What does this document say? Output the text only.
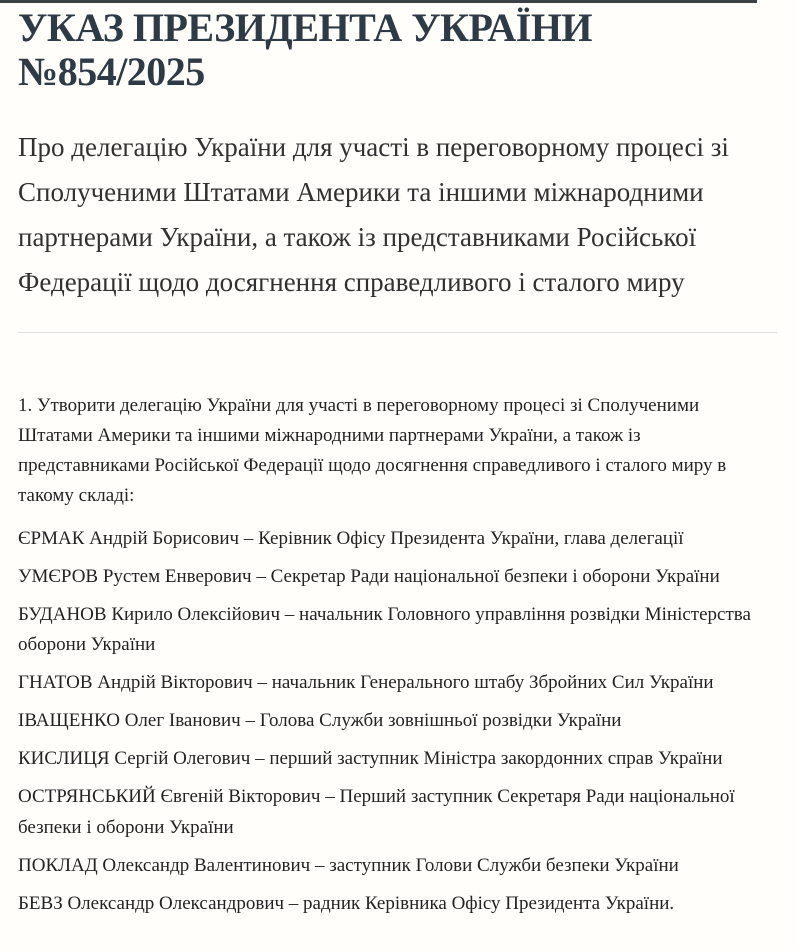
УКАЗ ПРЕЗИДЕНТА УКРАЇНИ №854/2025
Про делегацію України для участі в переговорному процесі зі Сполученими Штатами Америки та іншими міжнародними партнерами України, а також із представниками Російської Федерації щодо досягнення справедливого і сталого миру

1. Утворити делегацію України для участі в переговорному процесі зі Сполученими Штатами Америки та іншими міжнародними партнерами України, а також із представниками Російської Федерації щодо досягнення справедливого і сталого миру в такому складі:

ЄРМАК Андрій Борисович – Керівник Офісу Президента України, глава делегації

УМЄРОВ Рустем Енверович – Секретар Ради національної безпеки і оборони України

БУДАНОВ Кирило Олексійович – начальник Головного управління розвідки Міністерства оборони України

ГНАТОВ Андрій Вікторович – начальник Генерального штабу Збройних Сил України

ІВАЩЕНКО Олег Іванович – Голова Служби зовнішньої розвідки України

КИСЛИЦЯ Сергій Олегович – перший заступник Міністра закордонних справ України

ОСТРЯНСЬКИЙ Євгеній Вікторович – Перший заступник Секретаря Ради національної безпеки і оборони України

ПОКЛАД Олександр Валентинович – заступник Голови Служби безпеки України

БЕВЗ Олександр Олександрович – радник Керівника Офісу Президента України.
